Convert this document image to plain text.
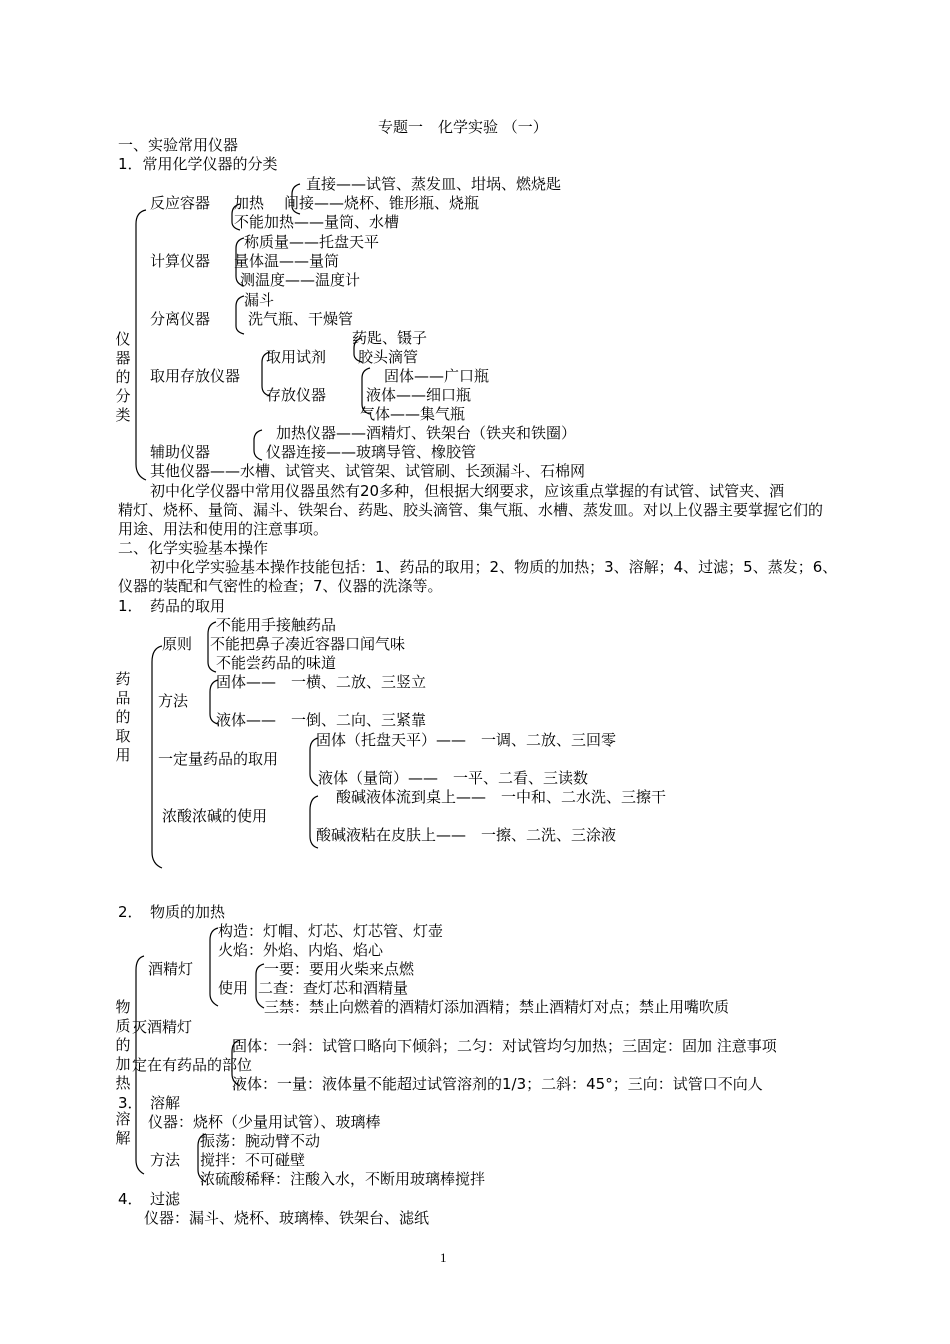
专题一　化学实验 （一）
一、实验常用仪器
1．常用化学仪器的分类
仪器的分类
反应容器 加热
直接——试管、蒸发皿、坩埚、燃烧匙
间接——烧杯、锥形瓶、烧瓶
不能加热——量筒、水槽
计算仪器
称质量——托盘天平
量体温——量筒
测温度——温度计
分离仪器
漏斗
洗气瓶、干燥管
取用存放仪器
取用试剂
药匙、镊子
胶头滴管
存放仪器
固体——广口瓶
液体——细口瓶
气体——集气瓶
辅助仪器
加热仪器——酒精灯、铁架台（铁夹和铁圈）
仪器连接——玻璃导管、橡胶管
其他仪器——水槽、试管夹、试管架、试管刷、长颈漏斗、石棉网
初中化学仪器中常用仪器虽然有20多种，但根据大纲要求，应该重点掌握的有试管、试管夹、酒
精灯、烧杯、量筒、漏斗、铁架台、药匙、胶头滴管、集气瓶、水槽、蒸发皿。对以上仪器主要掌握它们的
用途、用法和使用的注意事项。
二、化学实验基本操作
初中化学实验基本操作技能包括：1、药品的取用；2、物质的加热；3、溶解；4、过滤；5、蒸发；6、
仪器的装配和气密性的检查；7、仪器的洗涤等。
1．　药品的取用
药品的取用
原则
不能用手接触药品
不能把鼻子凑近容器口闻气味
不能尝药品的味道
方法
固体——　一横、二放、三竖立
液体——　一倒、二向、三紧靠
一定量药品的取用
固体（托盘天平）——　一调、二放、三回零
液体（量筒）——　一平、二看、三读数
浓酸浓碱的使用
酸碱液体流到桌上——　一中和、二水洗、三擦干
酸碱液粘在皮肤上——　一擦、二洗、三涂液
2．　物质的加热
物质的加热
酒精灯
构造：灯帽、灯芯、灯芯管、灯壶
火焰：外焰、内焰、焰心
使用
一要：要用火柴来点燃
二查：查灯芯和酒精量
三禁：禁止向燃着的酒精灯添加酒精；禁止酒精灯对点；禁止用嘴吹质
灭酒精灯
定在有药品的部位
固体：一斜：试管口略向下倾斜；二匀：对试管均匀加热；三固定：固加 注意事项
液体：一量：液体量不能超过试管溶剂的1/3；二斜：45°；三向：试管口不向人
3．　溶解
溶解
仪器：烧杯（少量用试管）、玻璃棒
方法
振荡：腕动臂不动
搅拌：不可碰壁
浓硫酸稀释：注酸入水，不断用玻璃棒搅拌
4．　过滤
仪器：漏斗、烧杯、玻璃棒、铁架台、滤纸
1
